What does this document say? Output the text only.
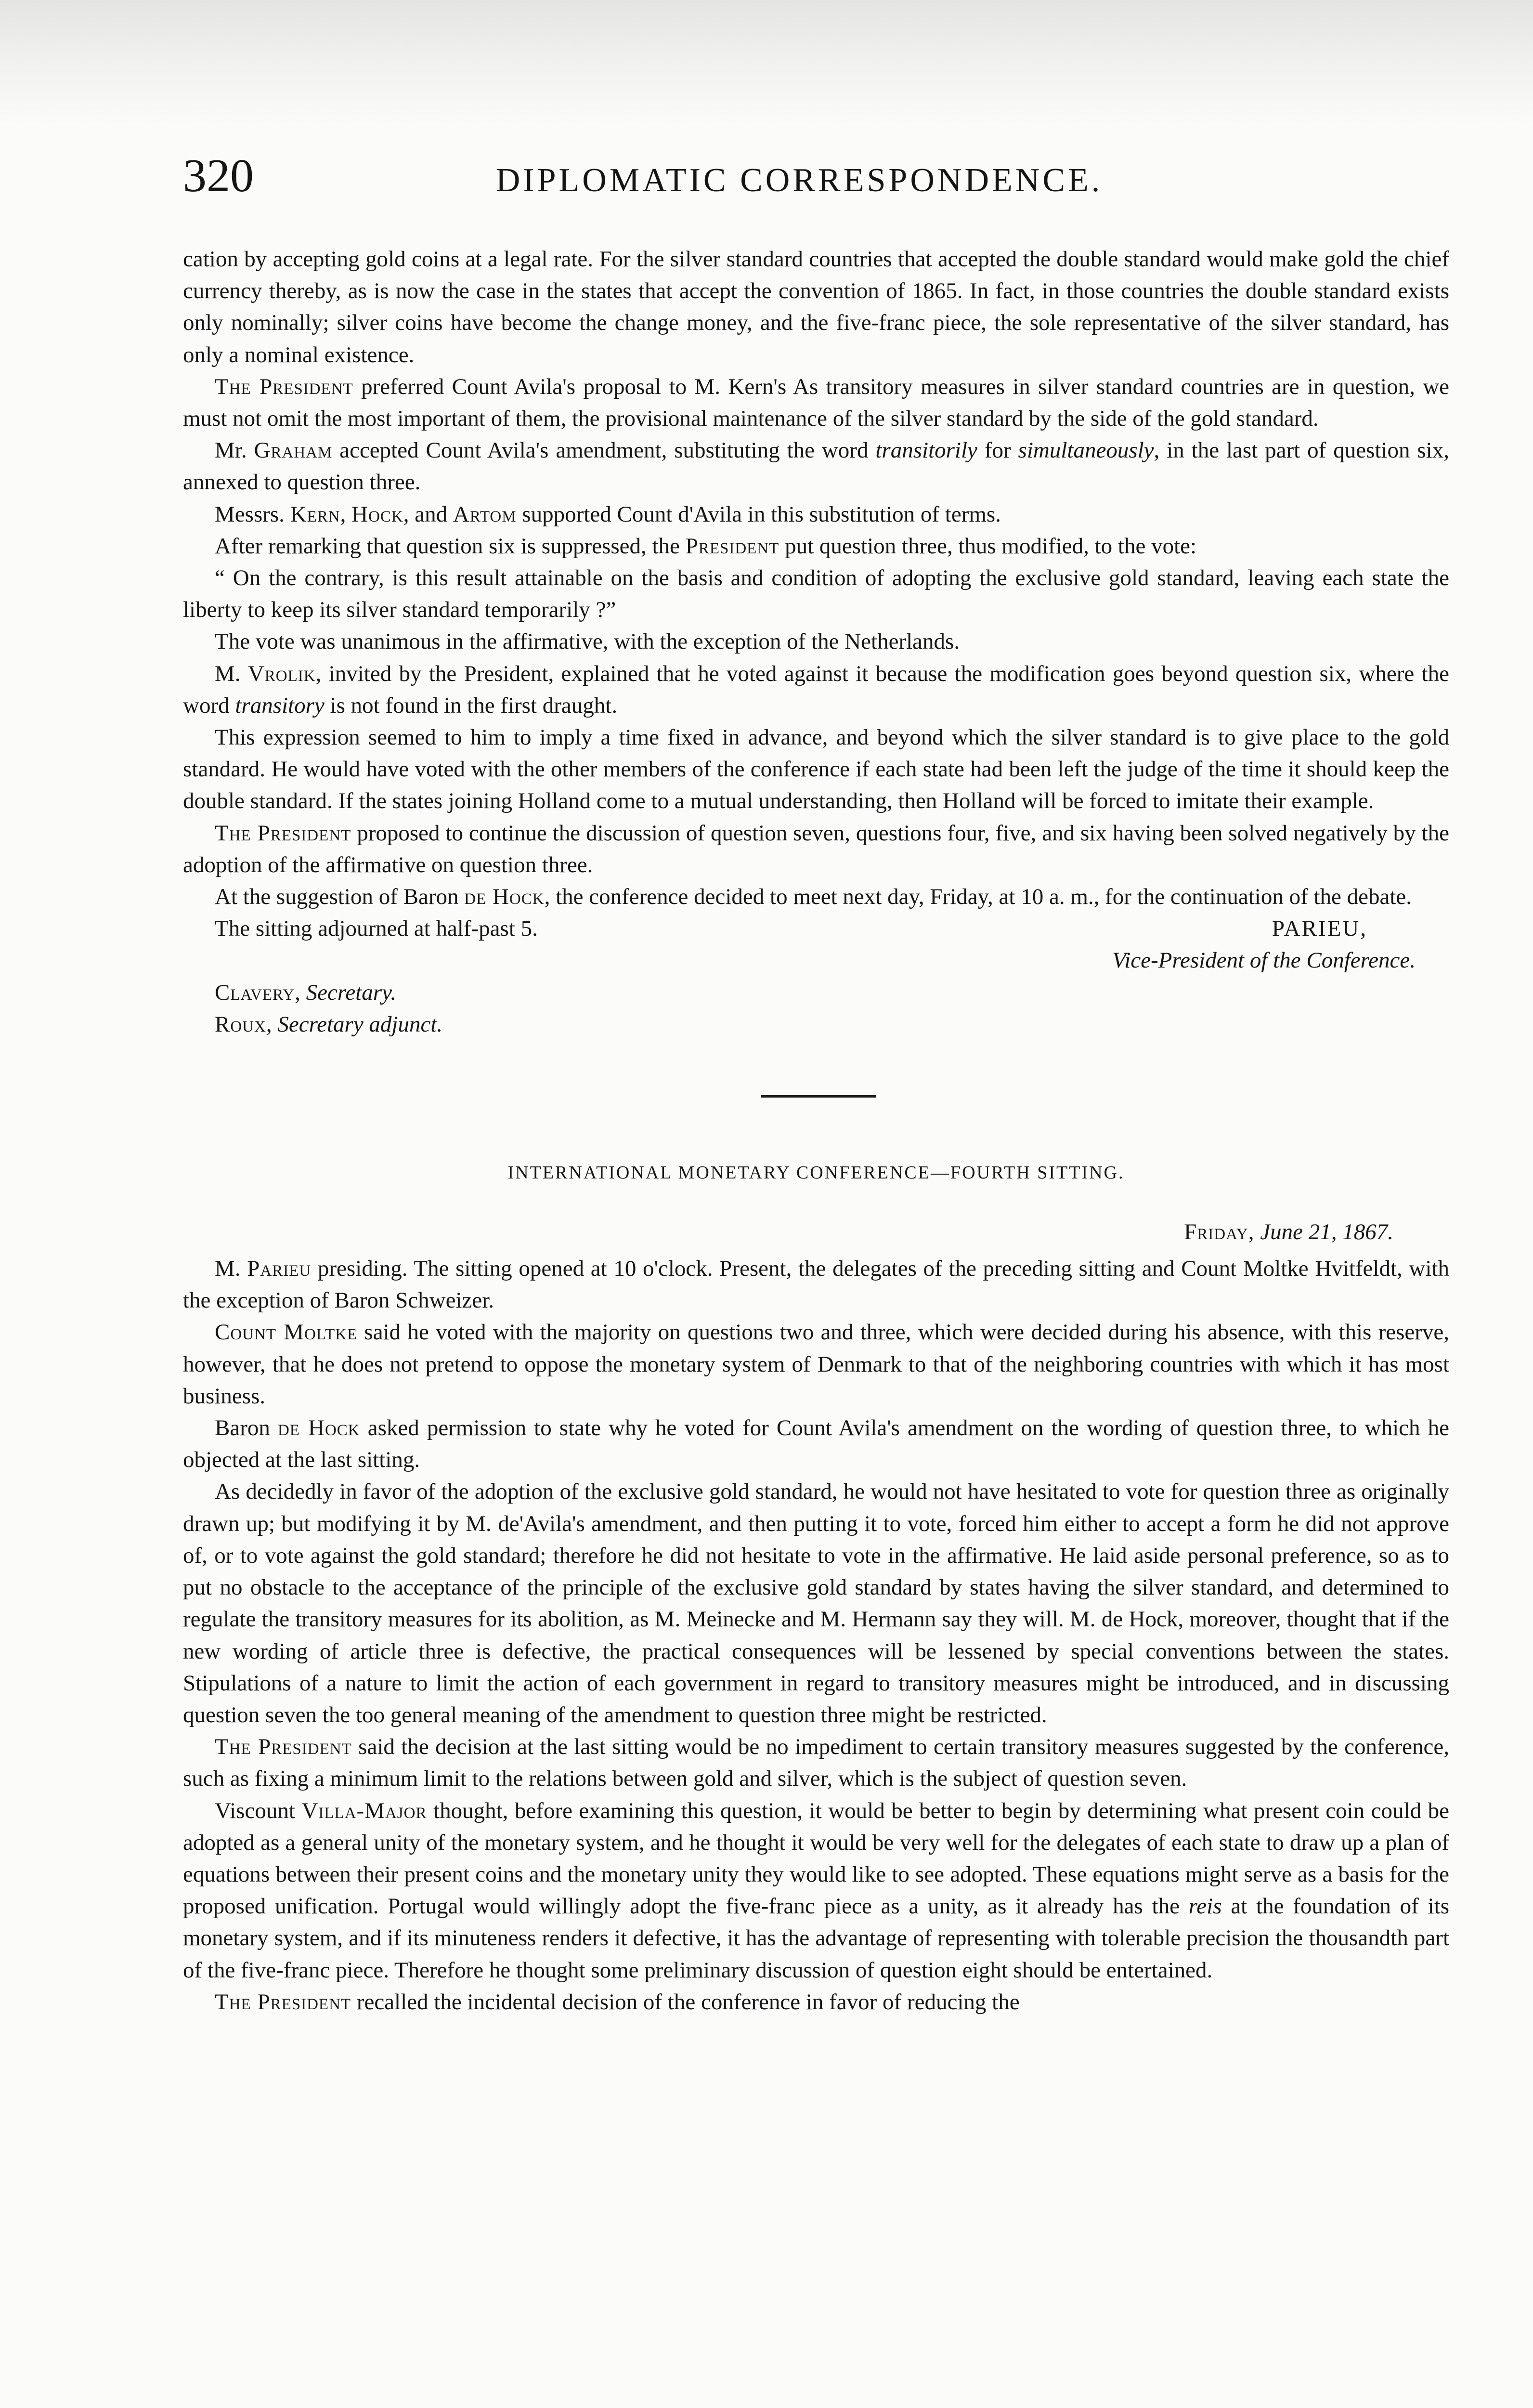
320	DIPLOMATIC CORRESPONDENCE.

cation by accepting gold coins at a legal rate. For the silver standard countries that accepted the double standard would make gold the chief currency thereby, as is now the case in the states that accept the convention of 1865. In fact, in those countries the double standard exists only nominally; silver coins have become the change money, and the five-franc piece, the sole representative of the silver standard, has only a nominal existence.

The President preferred Count Avila's proposal to M. Kern's As transitory measures in silver standard countries are in question, we must not omit the most important of them, the provisional maintenance of the silver standard by the side of the gold standard.

Mr. Graham accepted Count Avila's amendment, substituting the word transitorily for simultaneously, in the last part of question six, annexed to question three.

Messrs. Kern, Hock, and Artom supported Count d'Avila in this substitution of terms.

After remarking that question six is suppressed, the President put question three, thus modified, to the vote:

“ On the contrary, is this result attainable on the basis and condition of adopting the exclusive gold standard, leaving each state the liberty to keep its silver standard temporarily ?”

The vote was unanimous in the affirmative, with the exception of the Netherlands.

M. Vrolik, invited by the President, explained that he voted against it because the modification goes beyond question six, where the word transitory is not found in the first draught.

This expression seemed to him to imply a time fixed in advance, and beyond which the silver standard is to give place to the gold standard. He would have voted with the other members of the conference if each state had been left the judge of the time it should keep the double standard. If the states joining Holland come to a mutual understanding, then Holland will be forced to imitate their example.

The President proposed to continue the discussion of question seven, questions four, five, and six having been solved negatively by the adoption of the affirmative on question three.

At the suggestion of Baron de Hock, the conference decided to meet next day, Friday, at 10 a. m., for the continuation of the debate.

The sitting adjourned at half-past 5.	PARIEU,
Vice-President of the Conference.
Clavery, Secretary.
Roux, Secretary adjunct.
INTERNATIONAL MONETARY CONFERENCE—FOURTH SITTING.
Friday, June 21, 1867.

M. Parieu presiding. The sitting opened at 10 o'clock. Present, the delegates of the preceding sitting and Count Moltke Hvitfeldt, with the exception of Baron Schweizer.

Count Moltke said he voted with the majority on questions two and three, which were decided during his absence, with this reserve, however, that he does not pretend to oppose the monetary system of Denmark to that of the neighboring countries with which it has most business.

Baron de Hock asked permission to state why he voted for Count Avila's amendment on the wording of question three, to which he objected at the last sitting.

As decidedly in favor of the adoption of the exclusive gold standard, he would not have hesitated to vote for question three as originally drawn up; but modifying it by M. de'Avila's amendment, and then putting it to vote, forced him either to accept a form he did not approve of, or to vote against the gold standard; therefore he did not hesitate to vote in the affirmative. He laid aside personal preference, so as to put no obstacle to the acceptance of the principle of the exclusive gold standard by states having the silver standard, and determined to regulate the transitory measures for its abolition, as M. Meinecke and M. Hermann say they will. M. de Hock, moreover, thought that if the new wording of article three is defective, the practical consequences will be lessened by special conventions between the states. Stipulations of a nature to limit the action of each government in regard to transitory measures might be introduced, and in discussing question seven the too general meaning of the amendment to question three might be restricted.

The President said the decision at the last sitting would be no impediment to certain transitory measures suggested by the conference, such as fixing a minimum limit to the relations between gold and silver, which is the subject of question seven.

Viscount Villa-Major thought, before examining this question, it would be better to begin by determining what present coin could be adopted as a general unity of the monetary system, and he thought it would be very well for the delegates of each state to draw up a plan of equations between their present coins and the monetary unity they would like to see adopted. These equations might serve as a basis for the proposed unification. Portugal would willingly adopt the five-franc piece as a unity, as it already has the reis at the foundation of its monetary system, and if its minuteness renders it defective, it has the advantage of representing with tolerable precision the thousandth part of the five-franc piece. Therefore he thought some preliminary discussion of question eight should be entertained.

The President recalled the incidental decision of the conference in favor of reducing the
